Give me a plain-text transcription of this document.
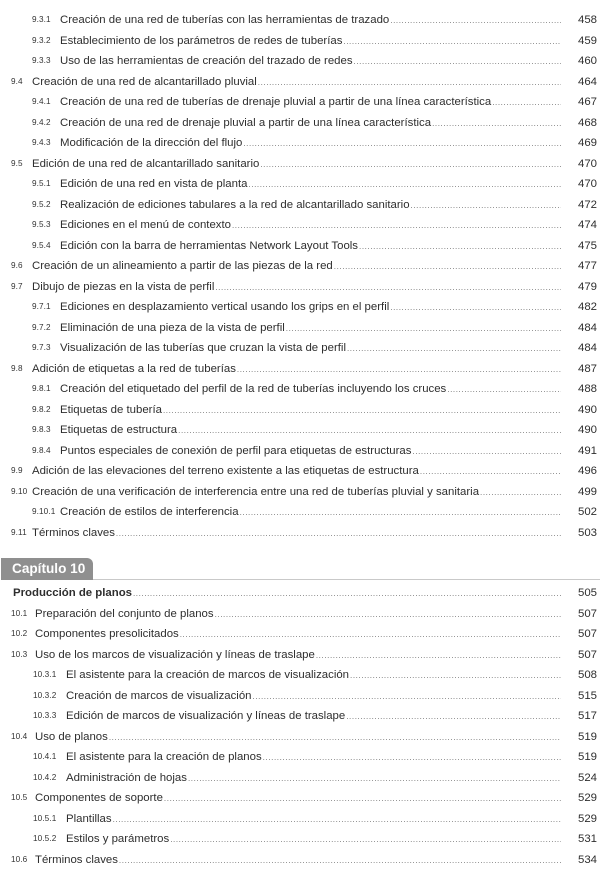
9.3.1 Creación de una red de tuberías con las herramientas de trazado .....	458
9.3.2 Establecimiento de los parámetros de redes de tuberías .....	459
9.3.3 Uso de las herramientas de creación del trazado de redes .....	460
9.4 Creación de una red de alcantarillado pluvial .....	464
9.4.1 Creación de una red de tuberías de drenaje pluvial a partir de una línea característica .....	467
9.4.2 Creación de una red de drenaje pluvial a partir de una línea característica .....	468
9.4.3 Modificación de la dirección del flujo .....	469
9.5 Edición de una red de alcantarillado sanitario .....	470
9.5.1 Edición de una red en vista de planta .....	470
9.5.2 Realización de ediciones tabulares a la red de alcantarillado sanitario .....	472
9.5.3 Ediciones en el menú de contexto .....	474
9.5.4 Edición con la barra de herramientas Network Layout Tools .....	475
9.6 Creación de un alineamiento a partir de las piezas de la red .....	477
9.7 Dibujo de piezas en la vista de perfil .....	479
9.7.1 Ediciones en desplazamiento vertical usando los grips en el perfil .....	482
9.7.2 Eliminación de una pieza de la vista de perfil .....	484
9.7.3 Visualización de las tuberías que cruzan la vista de perfil .....	484
9.8 Adición de etiquetas a la red de tuberías .....	487
9.8.1 Creación del etiquetado del perfil de la red de tuberías incluyendo los cruces .....	488
9.8.2 Etiquetas de tubería .....	490
9.8.3 Etiquetas de estructura .....	490
9.8.4 Puntos especiales de conexión de perfil para etiquetas de estructuras .....	491
9.9 Adición de las elevaciones del terreno existente a las etiquetas de estructura .....	496
9.10 Creación de una verificación de interferencia entre una red de tuberías pluvial y sanitaria .....	499
9.10.1 Creación de estilos de interferencia .....	502
9.11 Términos claves .....	503
Capítulo 10
Producción de planos .....	505
10.1 Preparación del conjunto de planos .....	507
10.2 Componentes presolicitados .....	507
10.3 Uso de los marcos de visualización y líneas de traslape .....	507
10.3.1 El asistente para la creación de marcos de visualización .....	508
10.3.2 Creación de marcos de visualización .....	515
10.3.3 Edición de marcos de visualización y líneas de traslape .....	517
10.4 Uso de planos .....	519
10.4.1 El asistente para la creación de planos .....	519
10.4.2 Administración de hojas .....	524
10.5 Componentes de soporte .....	529
10.5.1 Plantillas .....	529
10.5.2 Estilos y parámetros .....	531
10.6 Términos claves .....	534
